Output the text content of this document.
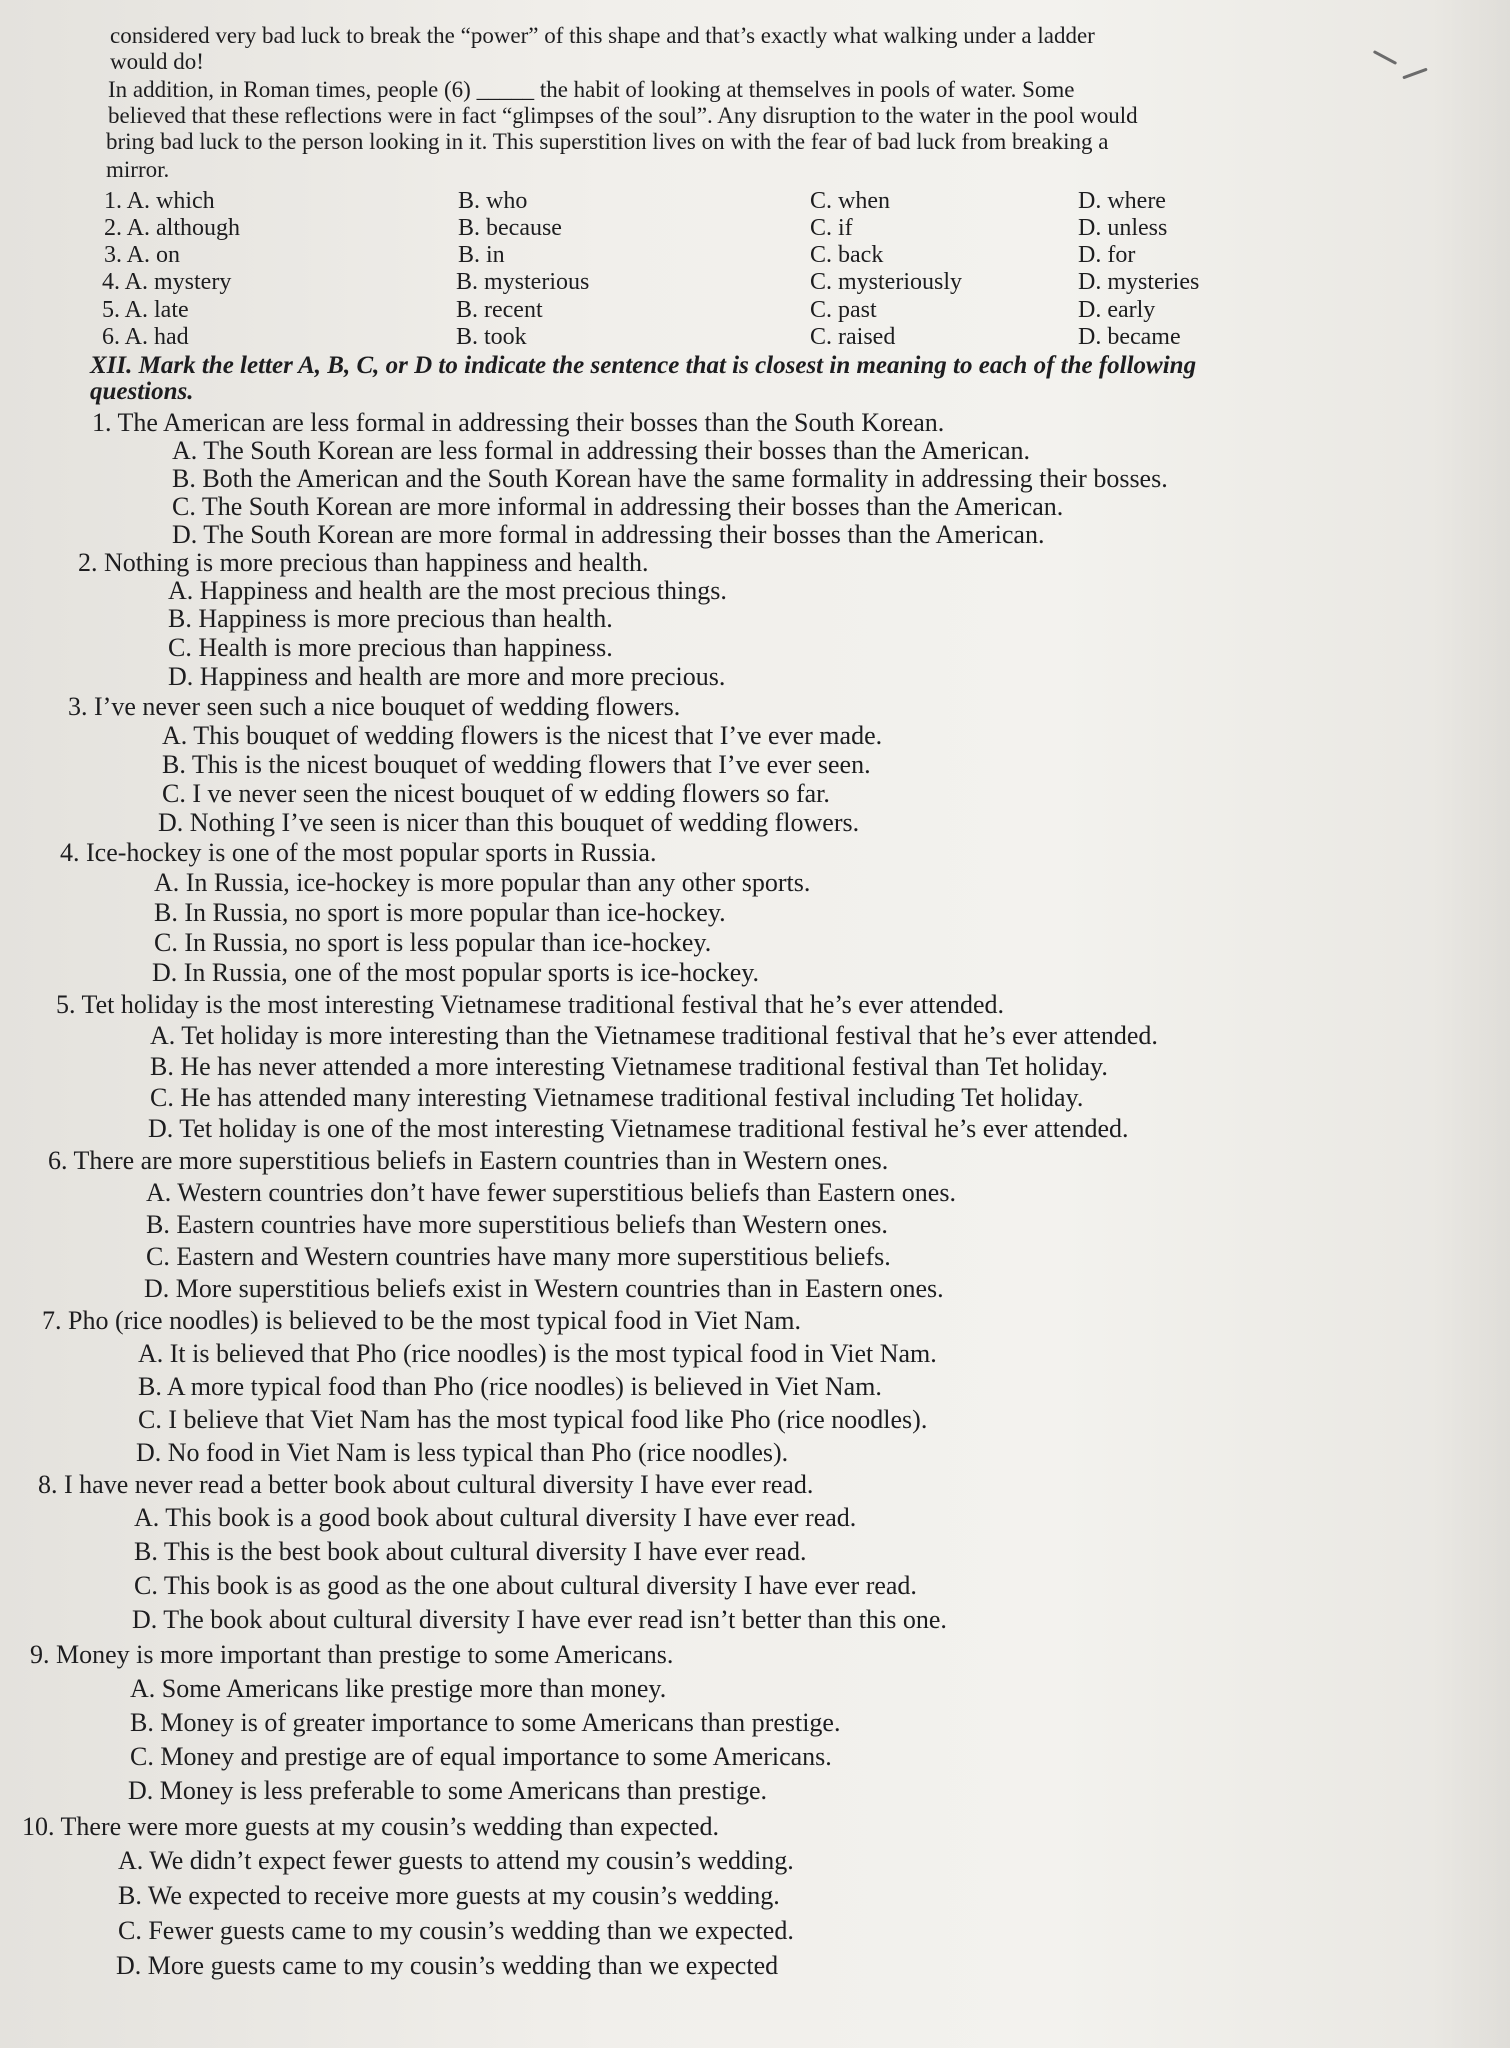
considered very bad luck to break the “power” of this shape and that’s exactly what walking under a ladder
would do!
In addition, in Roman times, people (6) _____ the habit of looking at themselves in pools of water. Some
believed that these reflections were in fact “glimpses of the soul”. Any disruption to the water in the pool would
bring bad luck to the person looking in it. This superstition lives on with the fear of bad luck from breaking a
mirror.
1. A. which	B. who	C. when	D. where
2. A. although	B. because	C. if	D. unless
3. A. on	B. in	C. back	D. for
4. A. mystery	B. mysterious	C. mysteriously	D. mysteries
5. A. late	B. recent	C. past	D. early
6. A. had	B. took	C. raised	D. became
XII. Mark the letter A, B, C, or D to indicate the sentence that is closest in meaning to each of the following
questions.
1. The American are less formal in addressing their bosses than the South Korean.
A. The South Korean are less formal in addressing their bosses than the American.
B. Both the American and the South Korean have the same formality in addressing their bosses.
C. The South Korean are more informal in addressing their bosses than the American.
D. The South Korean are more formal in addressing their bosses than the American.
2. Nothing is more precious than happiness and health.
A. Happiness and health are the most precious things.
B. Happiness is more precious than health.
C. Health is more precious than happiness.
D. Happiness and health are more and more precious.
3. I’ve never seen such a nice bouquet of wedding flowers.
A. This bouquet of wedding flowers is the nicest that I’ve ever made.
B. This is the nicest bouquet of wedding flowers that I’ve ever seen.
C. I ve never seen the nicest bouquet of w edding flowers so far.
D. Nothing I’ve seen is nicer than this bouquet of wedding flowers.
4. Ice-hockey is one of the most popular sports in Russia.
A. In Russia, ice-hockey is more popular than any other sports.
B. In Russia, no sport is more popular than ice-hockey.
C. In Russia, no sport is less popular than ice-hockey.
D. In Russia, one of the most popular sports is ice-hockey.
5. Tet holiday is the most interesting Vietnamese traditional festival that he’s ever attended.
A. Tet holiday is more interesting than the Vietnamese traditional festival that he’s ever attended.
B. He has never attended a more interesting Vietnamese traditional festival than Tet holiday.
C. He has attended many interesting Vietnamese traditional festival including Tet holiday.
D. Tet holiday is one of the most interesting Vietnamese traditional festival he’s ever attended.
6. There are more superstitious beliefs in Eastern countries than in Western ones.
A. Western countries don’t have fewer superstitious beliefs than Eastern ones.
B. Eastern countries have more superstitious beliefs than Western ones.
C. Eastern and Western countries have many more superstitious beliefs.
D. More superstitious beliefs exist in Western countries than in Eastern ones.
7. Pho (rice noodles) is believed to be the most typical food in Viet Nam.
A. It is believed that Pho (rice noodles) is the most typical food in Viet Nam.
B. A more typical food than Pho (rice noodles) is believed in Viet Nam.
C. I believe that Viet Nam has the most typical food like Pho (rice noodles).
D. No food in Viet Nam is less typical than Pho (rice noodles).
8. I have never read a better book about cultural diversity I have ever read.
A. This book is a good book about cultural diversity I have ever read.
B. This is the best book about cultural diversity I have ever read.
C. This book is as good as the one about cultural diversity I have ever read.
D. The book about cultural diversity I have ever read isn’t better than this one.
9. Money is more important than prestige to some Americans.
A. Some Americans like prestige more than money.
B. Money is of greater importance to some Americans than prestige.
C. Money and prestige are of equal importance to some Americans.
D. Money is less preferable to some Americans than prestige.
10. There were more guests at my cousin’s wedding than expected.
A. We didn’t expect fewer guests to attend my cousin’s wedding.
B. We expected to receive more guests at my cousin’s wedding.
C. Fewer guests came to my cousin’s wedding than we expected.
D. More guests came to my cousin’s wedding than we expected
